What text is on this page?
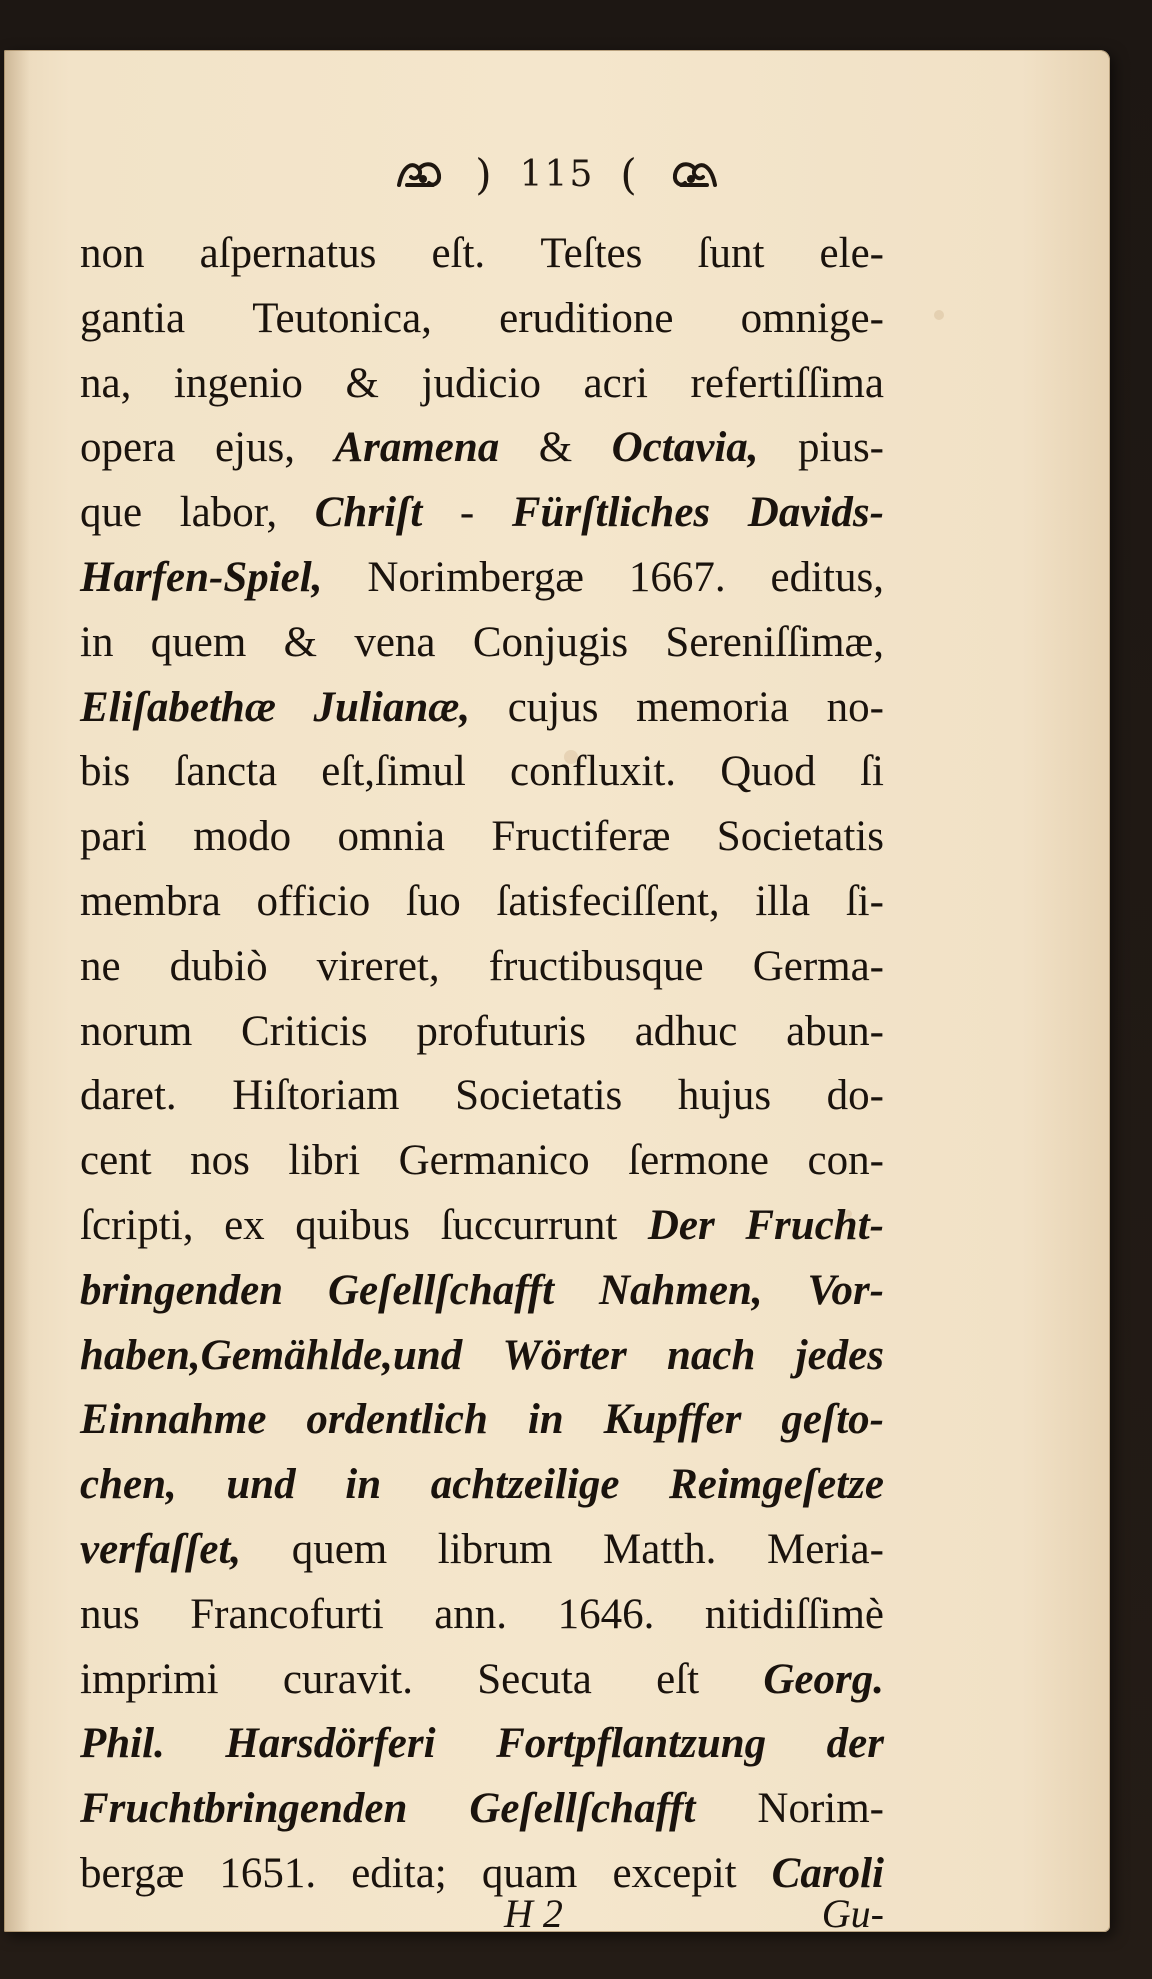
) 115 (
non aſpernatus eſt. Teſtes ſunt ele-
gantia Teutonica, eruditione omnige-
na, ingenio & judicio acri refertiſſima
opera ejus, Aramena & Octavia, pius-
que labor, Chriſt - Fürſtliches Davids-
Harfen-Spiel, Norimbergæ 1667. editus,
in quem & vena Conjugis Sereniſſimæ,
Eliſabethæ Julianæ, cujus memoria no-
bis ſancta eſt,ſimul confluxit. Quod ſi
pari modo omnia Fructiferæ Societatis
membra officio ſuo ſatisfeciſſent, illa ſi-
ne dubiò vireret, fructibusque Germa-
norum Criticis profuturis adhuc abun-
daret. Hiſtoriam Societatis hujus do-
cent nos libri Germanico ſermone con-
ſcripti, ex quibus ſuccurrunt Der Frucht-
bringenden Geſellſchafft Nahmen, Vor-
haben,Gemählde,und Wörter nach jedes
Einnahme ordentlich in Kupffer geſto-
chen, und in achtzeilige Reimgeſetze
verfaſſet, quem librum Matth. Meria-
nus Francofurti ann. 1646. nitidiſſimè
imprimi curavit. Secuta eſt Georg.
Phil. Harsdörferi Fortpflantzung der
Fruchtbringenden Geſellſchafft Norim-
bergæ 1651. edita; quam excepit Caroli
H 2	Gu-
